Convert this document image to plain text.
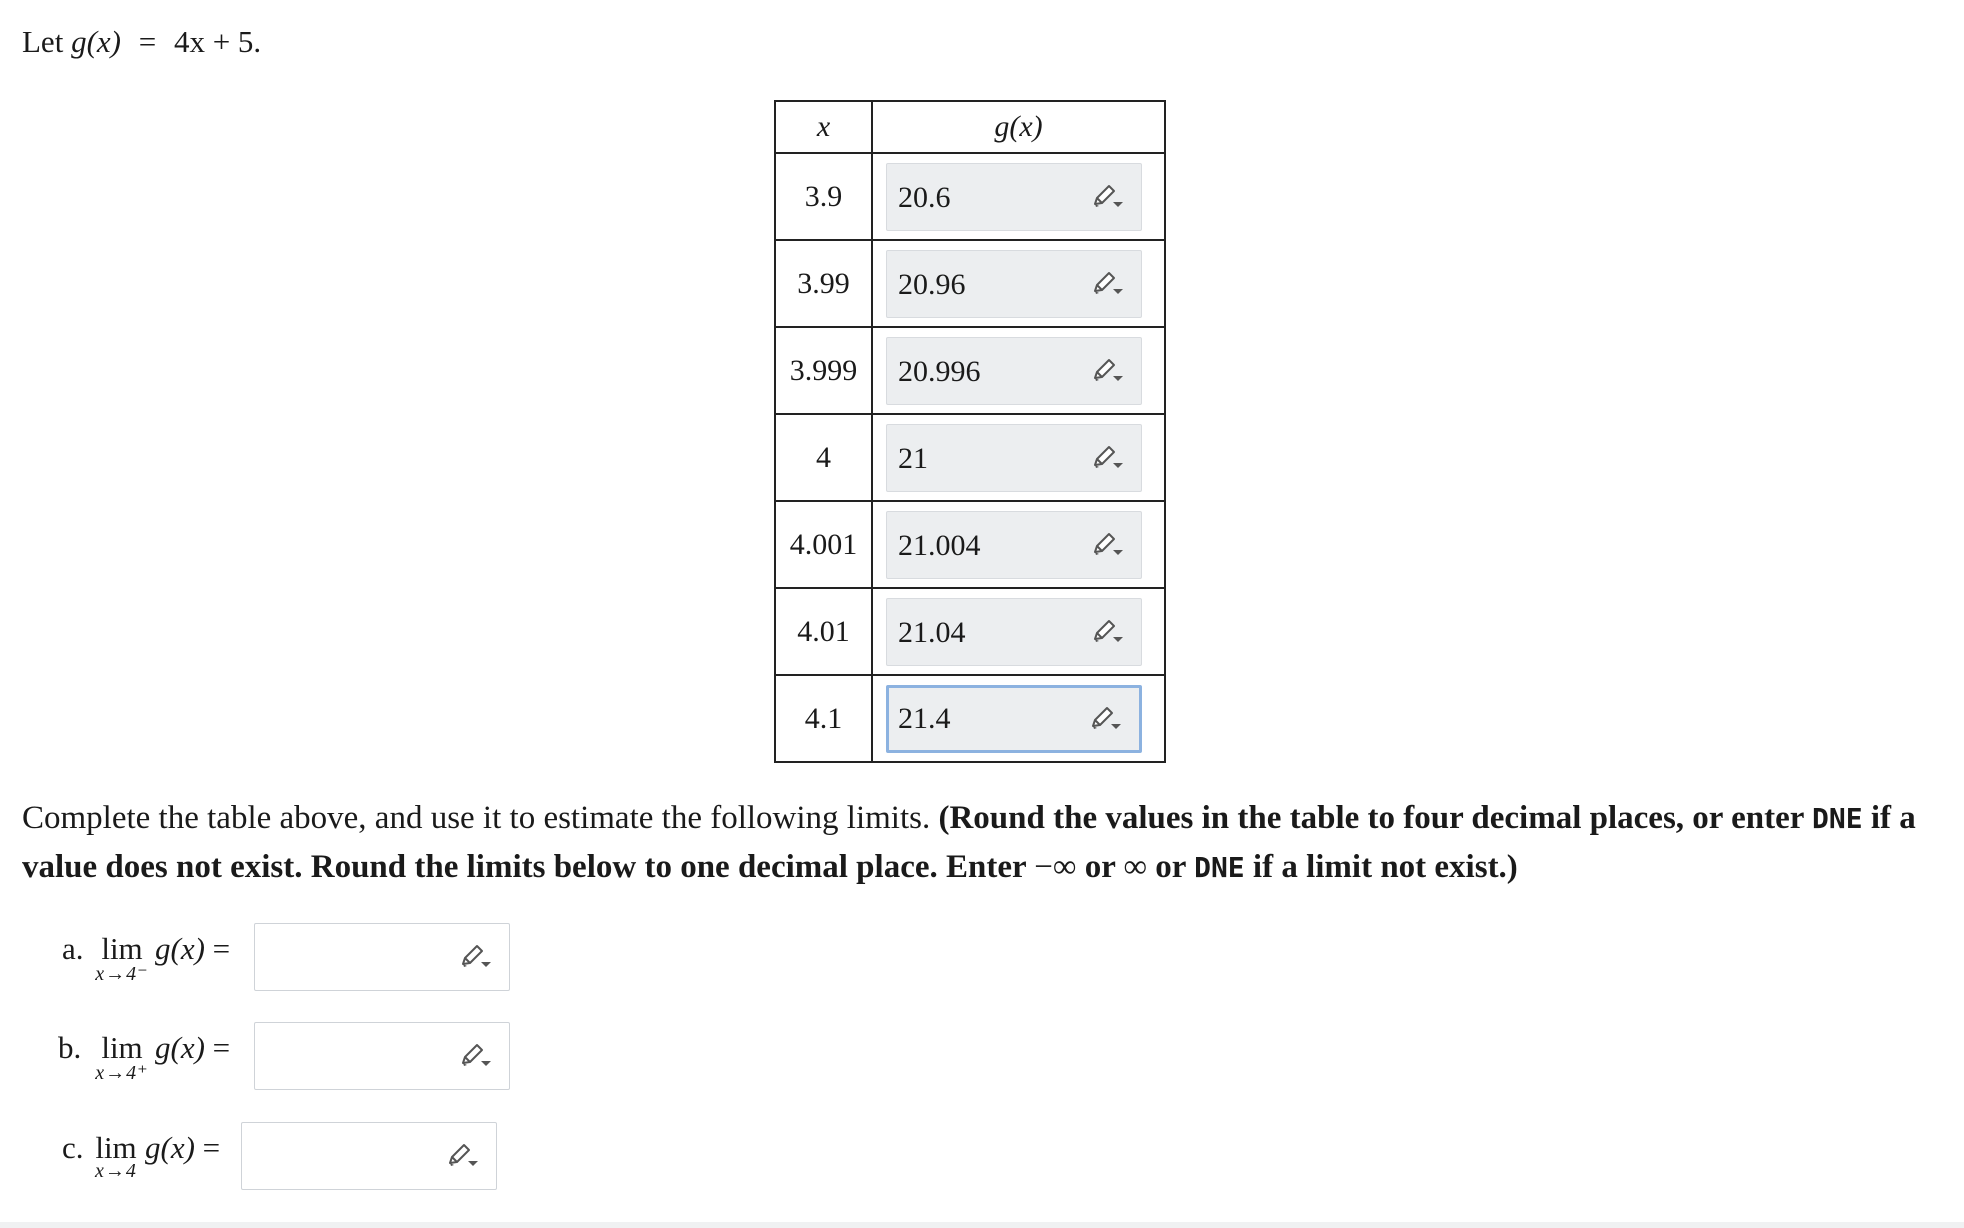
Let g(x) = 4x + 5.
x	g(x)
3.9	20.6

3.99	20.96

3.999	20.996

4	21

4.001	21.004

4.01	21.04

4.1	21.4
Complete the table above, and use it to estimate the following limits. (Round the values in the table to four decimal places, or enter DNE if a value does not exist. Round the limits below to one decimal place. Enter −∞ or ∞ or DNE if a limit not exist.)
a. lim
x→4⁻
g(x) =
b. lim
x→4⁺
g(x) =
c. lim
x→4
g(x) =
